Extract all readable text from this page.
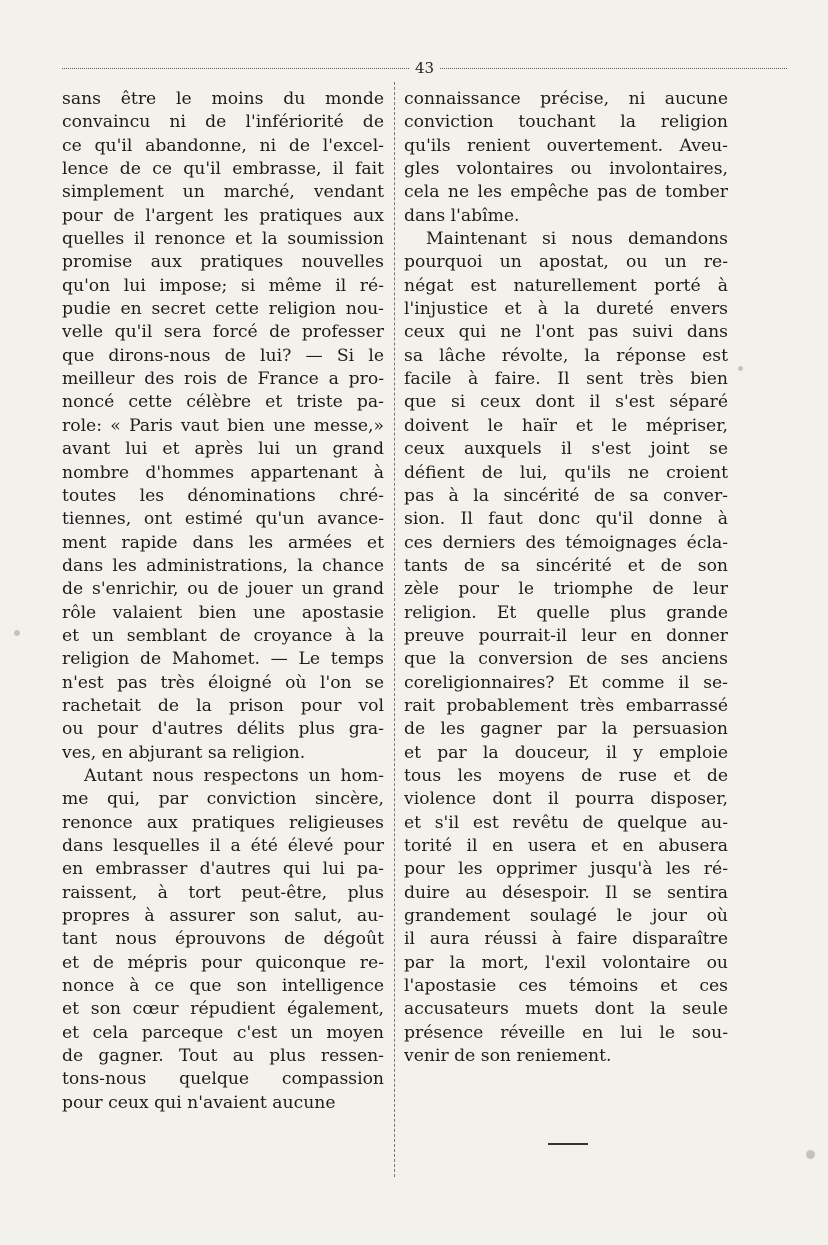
43
sans être le moins du monde
convaincu ni de l'infériorité de
ce qu'il abandonne, ni de l'excel-
lence de ce qu'il embrasse, il fait
simplement un marché, vendant
pour de l'argent les pratiques aux
quelles il renonce et la soumission
promise aux pratiques nouvelles
qu'on lui impose; si même il ré-
pudie en secret cette religion nou-
velle qu'il sera forcé de professer
que dirons-nous de lui? — Si le
meilleur des rois de France a pro-
noncé cette célèbre et triste pa-
role: « Paris vaut bien une messe,»
avant lui et après lui un grand
nombre d'hommes appartenant à
toutes les dénominations chré-
tiennes, ont estimé qu'un avance-
ment rapide dans les armées et
dans les administrations, la chance
de s'enrichir, ou de jouer un grand
rôle valaient bien une apostasie
et un semblant de croyance à la
religion de Mahomet. — Le temps
n'est pas très éloigné où l'on se
rachetait de la prison pour vol
ou pour d'autres délits plus gra-
ves, en abjurant sa religion.
Autant nous respectons un hom-
me qui, par conviction sincère,
renonce aux pratiques religieuses
dans lesquelles il a été élevé pour
en embrasser d'autres qui lui pa-
raissent, à tort peut-être, plus
propres à assurer son salut, au-
tant nous éprouvons de dégoût
et de mépris pour quiconque re-
nonce à ce que son intelligence
et son cœur répudient également,
et cela parceque c'est un moyen
de gagner. Tout au plus ressen-
tons-nous quelque compassion
pour ceux qui n'avaient aucune
connaissance précise, ni aucune
conviction touchant la religion
qu'ils renient ouvertement. Aveu-
gles volontaires ou involontaires,
cela ne les empêche pas de tomber
dans l'abîme.
Maintenant si nous demandons
pourquoi un apostat, ou un re-
négat est naturellement porté à
l'injustice et à la dureté envers
ceux qui ne l'ont pas suivi dans
sa lâche révolte, la réponse est
facile à faire. Il sent très bien
que si ceux dont il s'est séparé
doivent le haïr et le mépriser,
ceux auxquels il s'est joint se
défient de lui, qu'ils ne croient
pas à la sincérité de sa conver-
sion. Il faut donc qu'il donne à
ces derniers des témoignages écla-
tants de sa sincérité et de son
zèle pour le triomphe de leur
religion. Et quelle plus grande
preuve pourrait-il leur en donner
que la conversion de ses anciens
coreligionnaires? Et comme il se-
rait probablement très embarrassé
de les gagner par la persuasion
et par la douceur, il y emploie
tous les moyens de ruse et de
violence dont il pourra disposer,
et s'il est revêtu de quelque au-
torité il en usera et en abusera
pour les opprimer jusqu'à les ré-
duire au désespoir. Il se sentira
grandement soulagé le jour où
il aura réussi à faire disparaître
par la mort, l'exil volontaire ou
l'apostasie ces témoins et ces
accusateurs muets dont la seule
présence réveille en lui le sou-
venir de son reniement.
